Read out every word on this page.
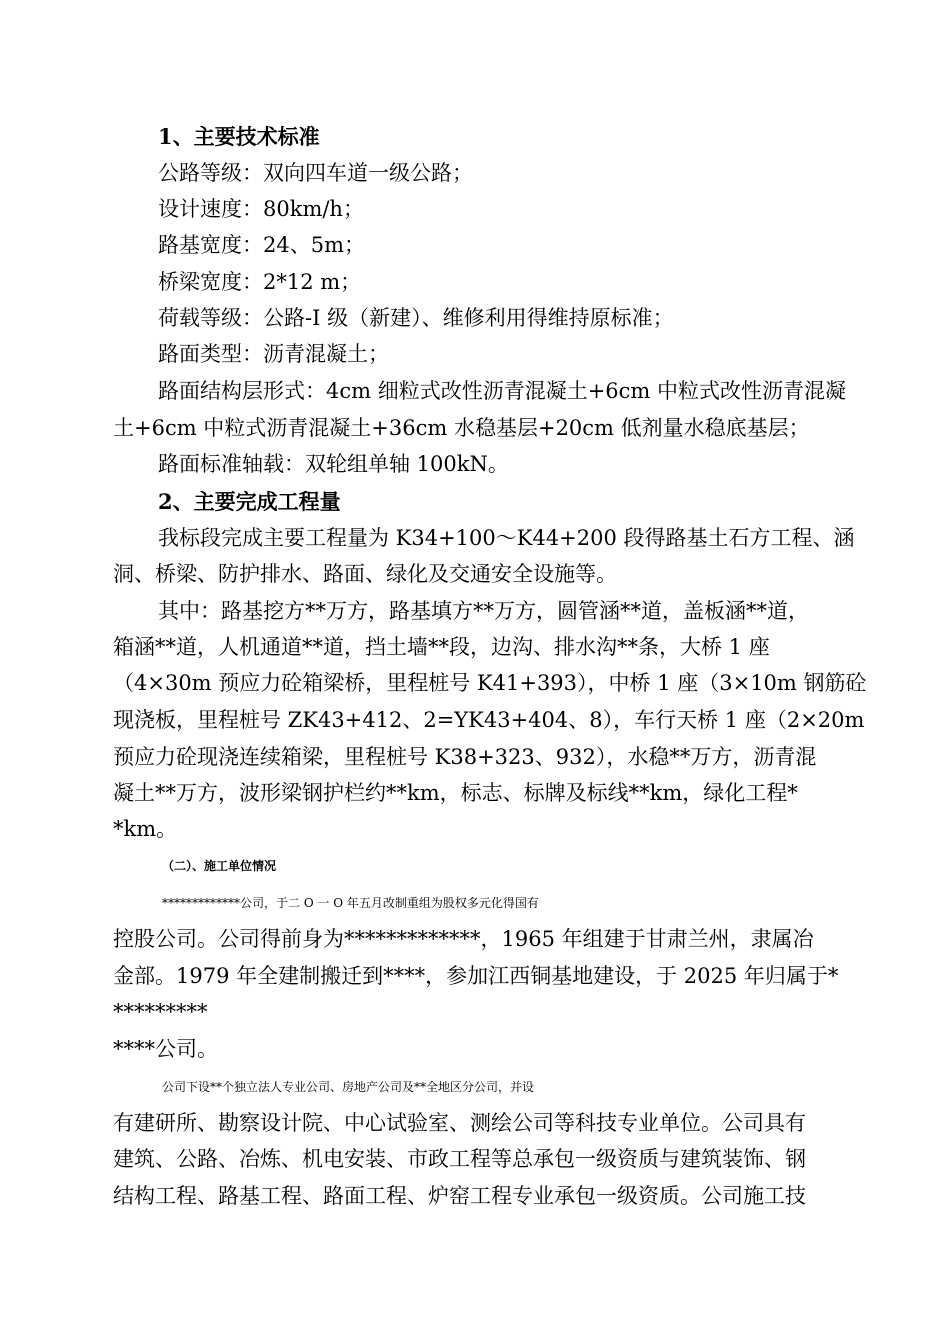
1、主要技术标准
公路等级：双向四车道一级公路；
设计速度：80km/h；
路基宽度：24、5m；
桥梁宽度：2*12 m；
荷载等级：公路-Ⅰ 级（新建）、维修利用得维持原标准；
路面类型：沥青混凝土；
路面结构层形式：4cm 细粒式改性沥青混凝土+6cm 中粒式改性沥青混凝
土+6cm 中粒式沥青混凝土+36cm 水稳基层+20cm 低剂量水稳底基层；
路面标准轴载：双轮组单轴 100kN。
2、主要完成工程量
我标段完成主要工程量为 K34+100～K44+200 段得路基土石方工程、涵
洞、桥梁、防护排水、路面、绿化及交通安全设施等。
其中：路基挖方**万方，路基填方**万方，圆管涵**道，盖板涵**道，
箱涵**道，人机通道**道，挡土墙**段，边沟、排水沟**条，大桥 1 座
（4×30m 预应力砼箱梁桥，里程桩号 K41+393），中桥 1 座（3×10m 钢筋砼
现浇板，里程桩号 ZK43+412、2=YK43+404、8），车行天桥 1 座（2×20m
预应力砼现浇连续箱梁，里程桩号 K38+323、932），水稳**万方，沥青混
凝土**万方，波形梁钢护栏约**km，标志、标牌及标线**km，绿化工程*
*km。
（二）、施工单位情况
*************公司，于二 O 一 O 年五月改制重组为股权多元化得国有
控股公司。公司得前身为*************，1965 年组建于甘肃兰州，隶属冶
金部。1979 年全建制搬迁到****，参加江西铜基地建设，于 2025 年归属于*
*********
****公司。
公司下设**个独立法人专业公司、房地产公司及**全地区分公司，并设
有建研所、勘察设计院、中心试验室、测绘公司等科技专业单位。公司具有
建筑、公路、冶炼、机电安装、市政工程等总承包一级资质与建筑装饰、钢
结构工程、路基工程、路面工程、炉窑工程专业承包一级资质。公司施工技
